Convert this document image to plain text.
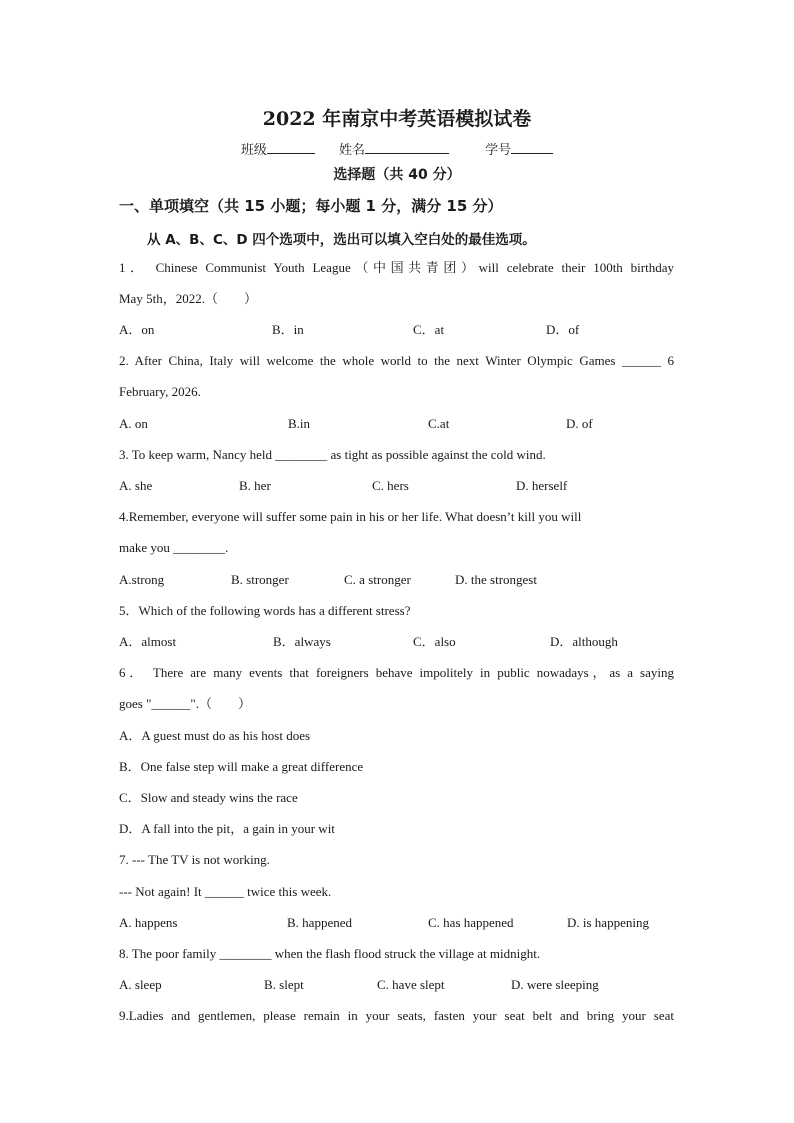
2022 年南京中考英语模拟试卷
班级	姓名	学号
选择题（共 40 分）
一、单项填空（共 15 小题；每小题 1 分，满分 15 分）
从 A、B、C、D 四个选项中，选出可以填入空白处的最佳选项。
1． Chinese Communist Youth League（中国共青团）will celebrate their 100th birthday
May 5th，2022.（　　）
A．on	B．in	C．at	D．of
2. After China, Italy will welcome the whole world to the next Winter Olympic Games ______ 6
February, 2026.
A. on	B.in	C.at	D. of
3. To keep warm, Nancy held ________ as tight as possible against the cold wind.
A. she	B. her	C. hers	D. herself
4.Remember, everyone will suffer some pain in his or her life. What doesn’t kill you will
make you ________.
A.strong	B. stronger	C. a stronger	D. the strongest
5．Which of the following words has a different stress?
A．almost	B．always	C．also	D．although
6． There are many events that foreigners behave impolitely in public nowadays，as a saying
goes "______".（　　）
A．A guest must do as his host does
B．One false step will make a great difference
C．Slow and steady wins the race
D．A fall into the pit，a gain in your wit
7. --- The TV is not working.
--- Not again! It ______ twice this week.
A. happens	B. happened	C. has happened	D. is happening
8. The poor family ________ when the flash flood struck the village at midnight.
A. sleep	B. slept	C. have slept	D. were sleeping
9.Ladies and gentlemen, please remain in your seats, fasten your seat belt and bring your seat
